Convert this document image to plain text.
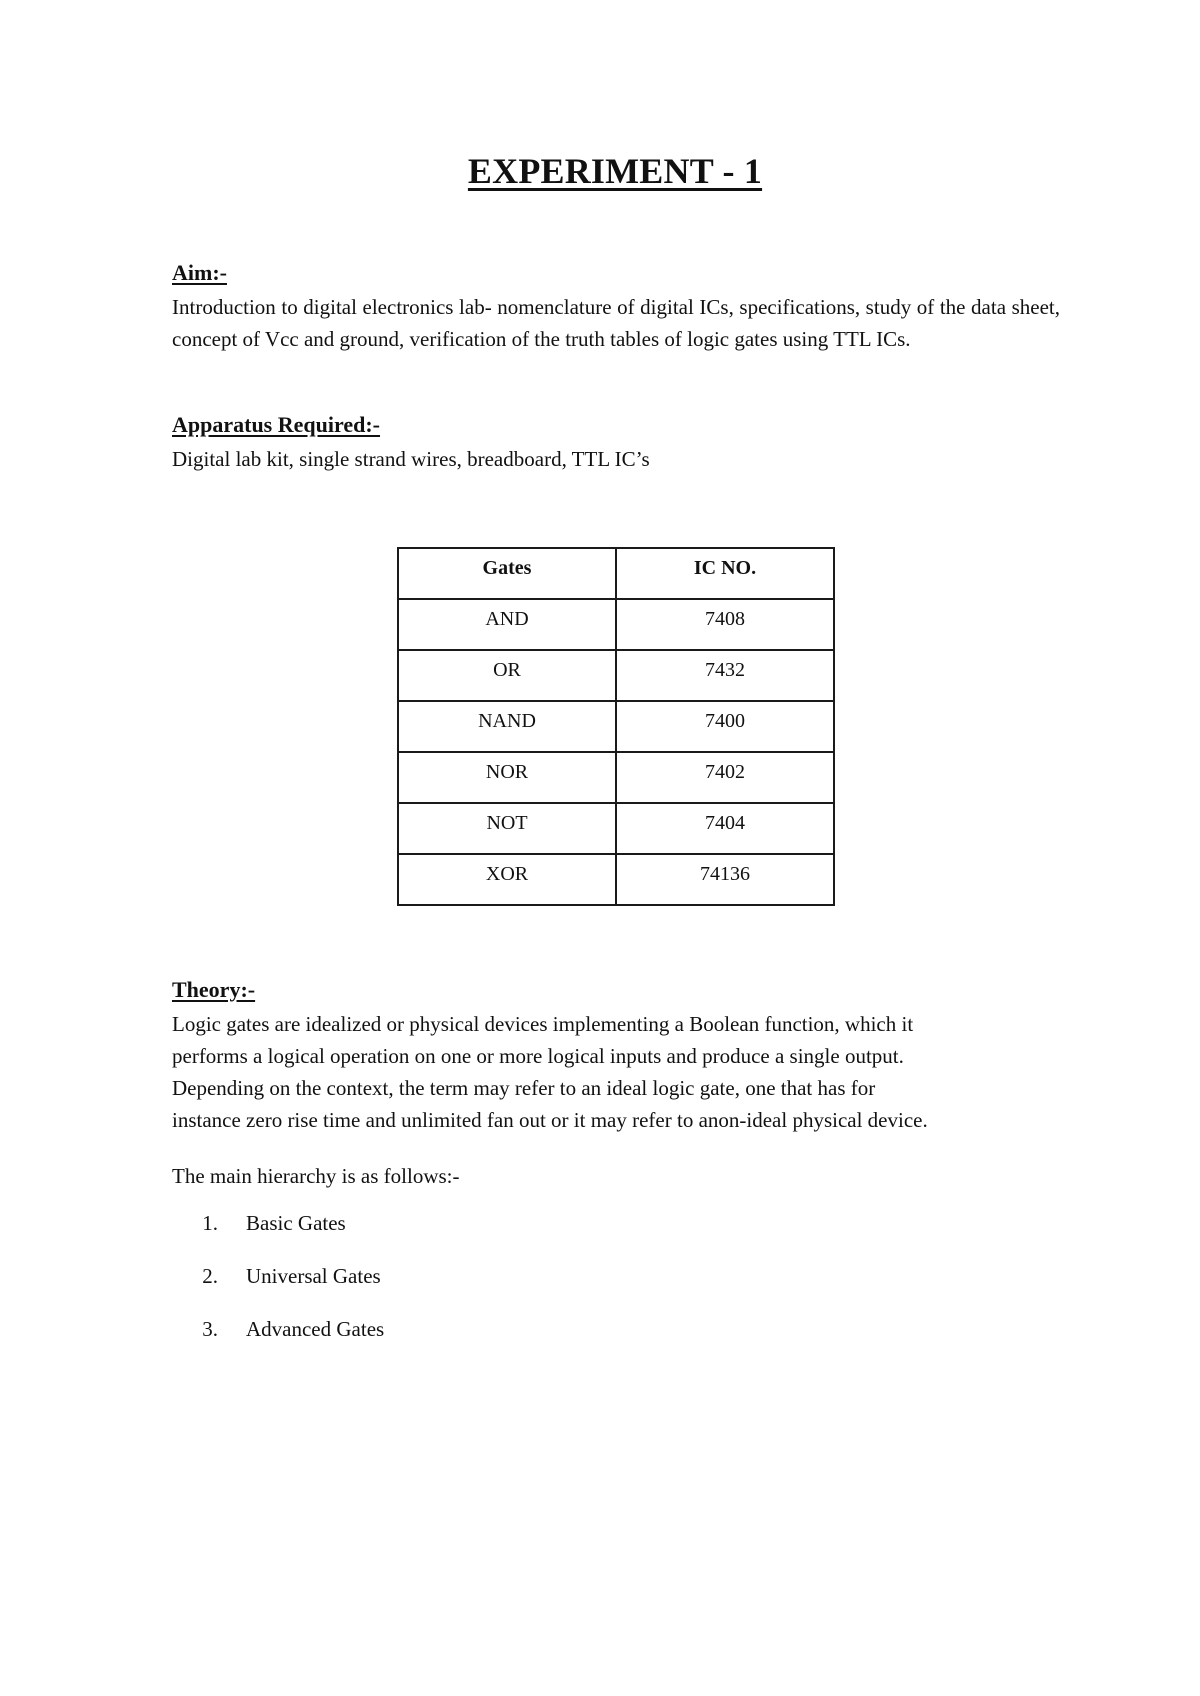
EXPERIMENT - 1
Aim:-
Introduction to digital electronics lab- nomenclature of digital ICs, specifications, study of the data sheet, concept of Vcc and ground, verification of the truth tables of logic gates using TTL ICs.
Apparatus Required:-
Digital lab kit, single strand wires, breadboard, TTL IC’s
Gates	IC NO.

AND	7408

OR	7432

NAND	7400

NOR	7402

NOT	7404

XOR	74136
Theory:-
Logic gates are idealized or physical devices implementing a Boolean function, which it
performs a logical operation on one or more logical inputs and produce a single output.
Depending on the context, the term may refer to an ideal logic gate, one that has for
instance zero rise time and unlimited fan out or it may refer to anon-ideal physical device.
The main hierarchy is as follows:-
1. Basic Gates
2. Universal Gates
3. Advanced Gates
